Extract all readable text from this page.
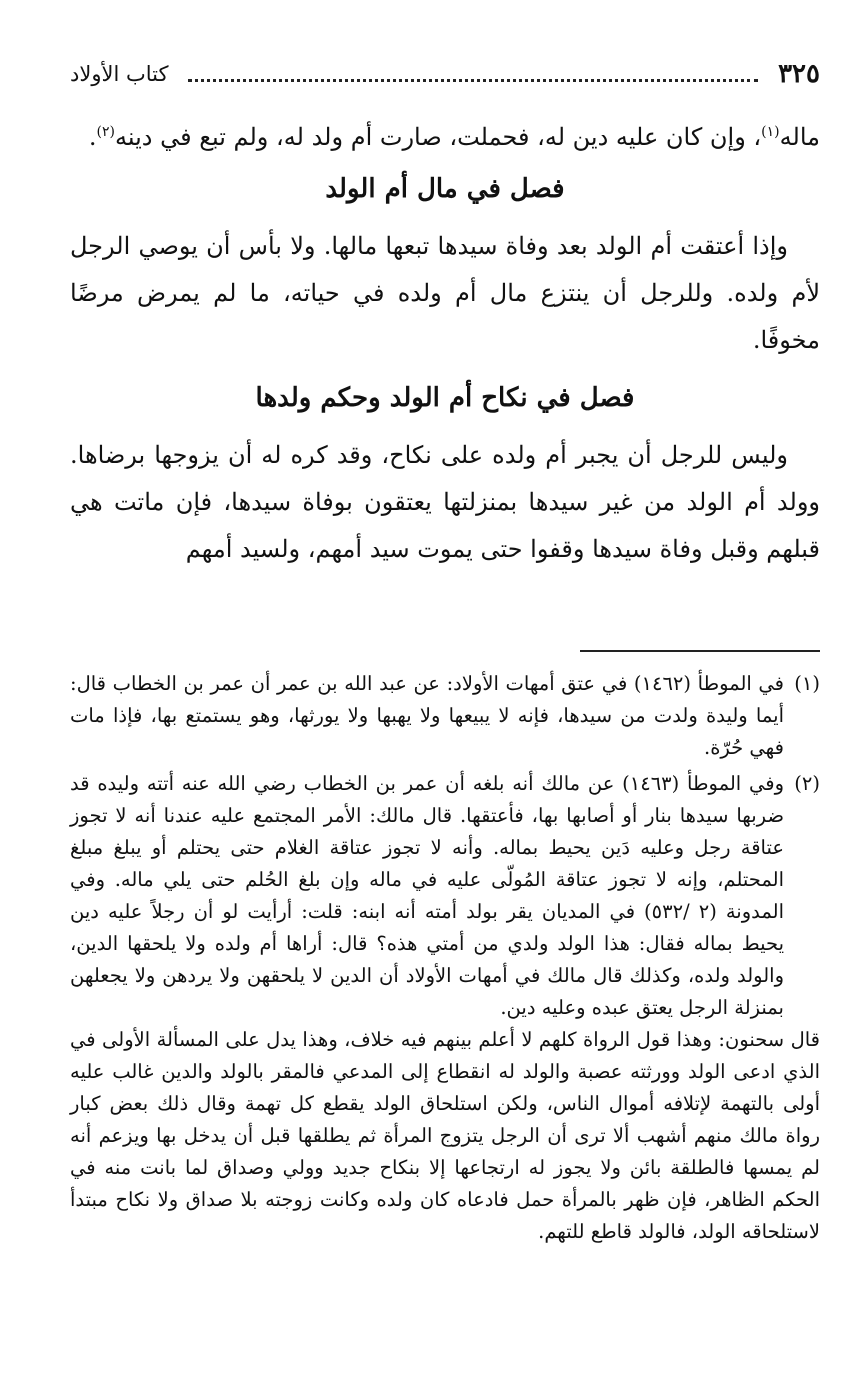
٣٢٥
كتاب الأولاد

ماله$^{(١)}$، وإن كان عليه دين له، فحملت، صارت أم ولد له، ولم تبع في دينه$^{(٢)}$.

فصل في مال أم الولد

وإذا أعتقت أم الولد بعد وفاة سيدها تبعها مالها. ولا بأس أن يوصي الرجل لأم ولده. وللرجل أن ينتزع مال أم ولده في حياته، ما لم يمرض مرضًا مخوفًا.

فصل في نكاح أم الولد وحكم ولدها

وليس للرجل أن يجبر أم ولده على نكاح، وقد كره له أن يزوجها برضاها. وولد أم الولد من غير سيدها بمنزلتها يعتقون بوفاة سيدها، فإن ماتت هي قبلهم وقبل وفاة سيدها وقفوا حتى يموت سيد أمهم، ولسيد أمهم

(١)
في الموطأ (١٤٦٢) في عتق أمهات الأولاد: عن عبد الله بن عمر أن عمر بن الخطاب قال: أيما وليدة ولدت من سيدها، فإنه لا يبيعها ولا يهبها ولا يورثها، وهو يستمتع بها، فإذا مات فهي حُرّة.

(٢)
وفي الموطأ (١٤٦٣) عن مالك أنه بلغه أن عمر بن الخطاب رضي الله عنه أتته وليده قد ضربها سيدها بنار أو أصابها بها، فأعتقها. قال مالك: الأمر المجتمع عليه عندنا أنه لا تجوز عتاقة رجل وعليه دَين يحيط بماله. وأنه لا تجوز عتاقة الغلام حتى يحتلم أو يبلغ مبلغ المحتلم، وإنه لا تجوز عتاقة المُولّى عليه في ماله وإن بلغ الحُلم حتى يلي ماله. وفي المدونة (٢ /٥٣٢) في المديان يقر بولد أمته أنه ابنه: قلت: أرأيت لو أن رجلاً عليه دين يحيط بماله فقال: هذا الولد ولدي من أمتي هذه؟ قال: أراها أم ولده ولا يلحقها الدين، والولد ولده، وكذلك قال مالك في أمهات الأولاد أن الدين لا يلحقهن ولا يردهن ولا يجعلهن بمنزلة الرجل يعتق عبده وعليه دين.

قال سحنون: وهذا قول الرواة كلهم لا أعلم بينهم فيه خلاف، وهذا يدل على المسألة الأولى في الذي ادعى الولد وورثته عصبة والولد له انقطاع إلى المدعي فالمقر بالولد والدين غالب عليه أولى بالتهمة لإتلافه أموال الناس، ولكن استلحاق الولد يقطع كل تهمة وقال ذلك بعض كبار رواة مالك منهم أشهب ألا ترى أن الرجل يتزوج المرأة ثم يطلقها قبل أن يدخل بها ويزعم أنه لم يمسها فالطلقة بائن ولا يجوز له ارتجاعها إلا بنكاح جديد وولي وصداق لما بانت منه في الحكم الظاهر، فإن ظهر بالمرأة حمل فادعاه كان ولده وكانت زوجته بلا صداق ولا نكاح مبتدأ لاستلحاقه الولد، فالولد قاطع للتهم.
